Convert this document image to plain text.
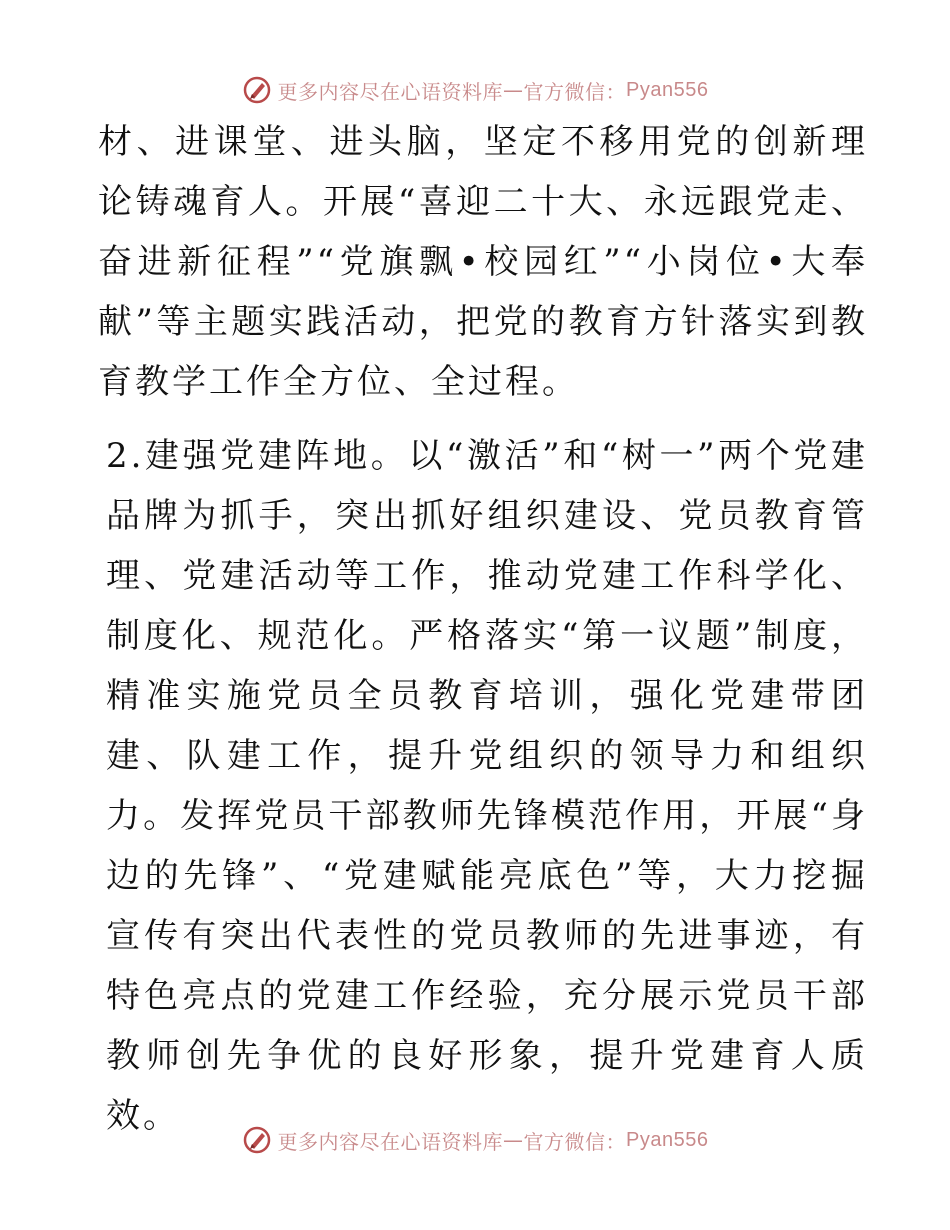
更多内容尽在心语资料库 — 官方微信： Pyan556

材、进课堂、进头脑，坚定不移用党的创新理论铸魂育人。开展“喜迎二十大、永远跟党走、奋进新征程”“党旗飘•校园红”“小岗位•大奉献”等主题实践活动，把党的教育方针落实到教育教学工作全方位、全过程。

2.建强党建阵地。以“激活”和“树一”两个党建品牌为抓手，突出抓好组织建设、党员教育管理、党建活动等工作，推动党建工作科学化、制度化、规范化。严格落实“第一议题”制度，精准实施党员全员教育培训，强化党建带团建、队建工作，提升党组织的领导力和组织力。发挥党员干部教师先锋模范作用，开展“身边的先锋”、“党建赋能亮底色”等，大力挖掘宣传有突出代表性的党员教师的先进事迹，有特色亮点的党建工作经验，充分展示党员干部教师创先争优的良好形象，提升党建育人质效。

更多内容尽在心语资料库 — 官方微信： Pyan556
